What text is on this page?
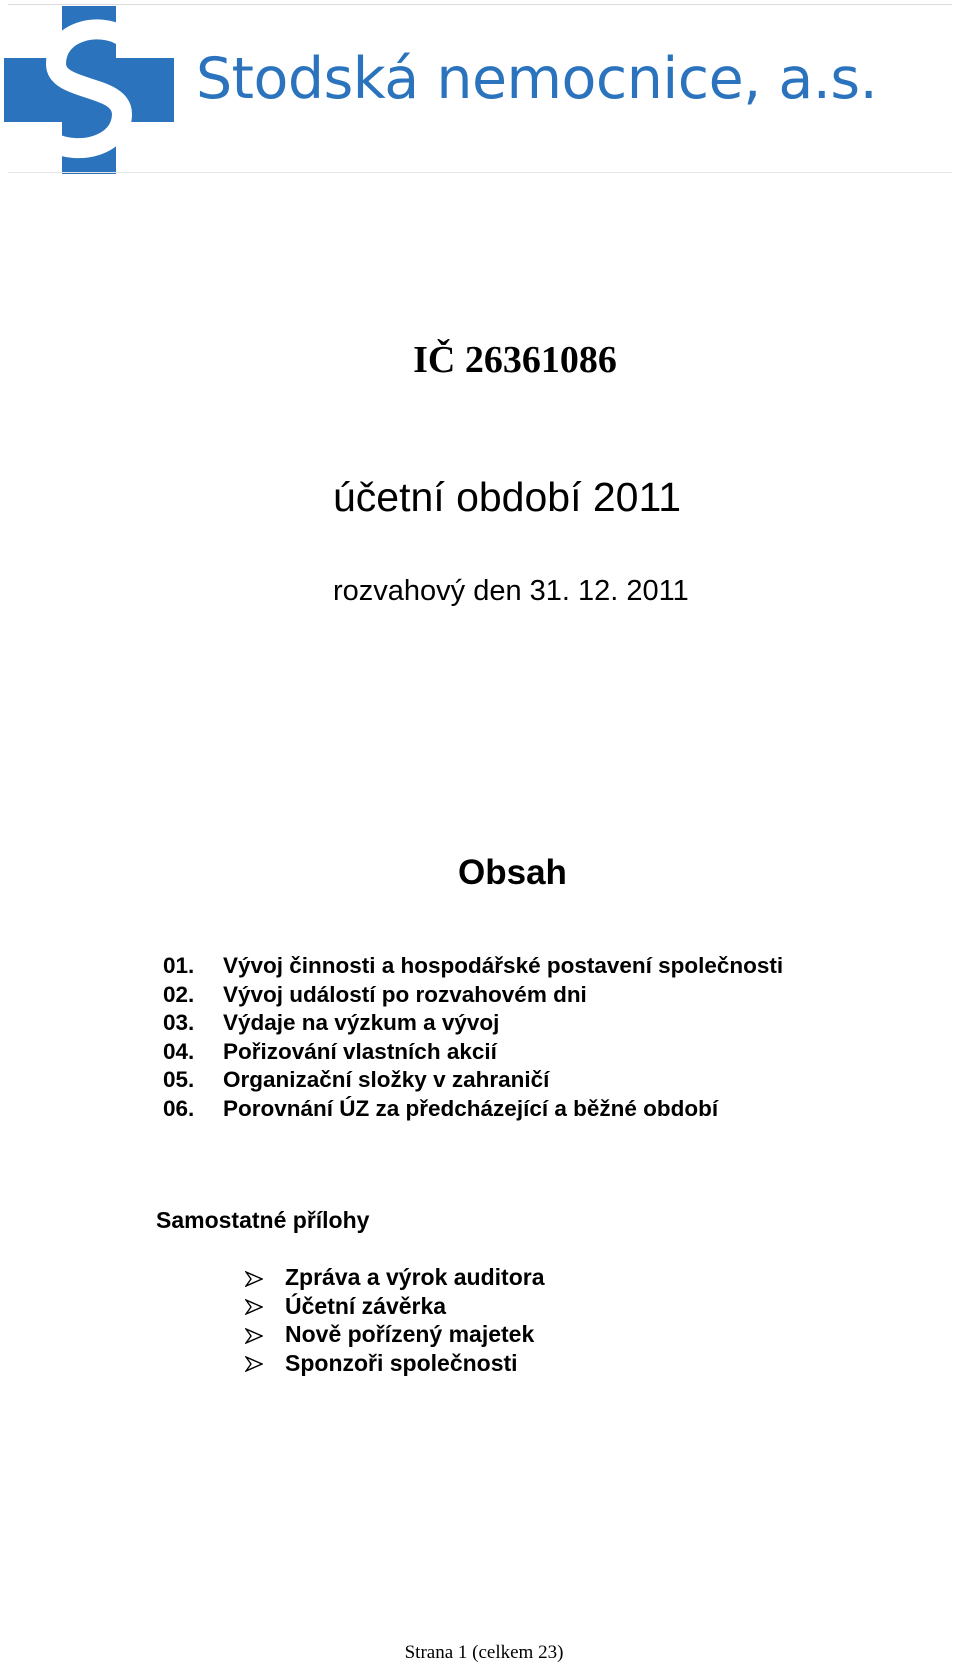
Stodská nemocnice, a.s.
IČ 26361086
účetní období 2011
rozvahový den 31. 12. 2011
Obsah
01. Vývoj činnosti a hospodářské postavení společnosti
02. Vývoj událostí po rozvahovém dni
03. Výdaje na výzkum a vývoj
04. Pořizování vlastních akcií
05. Organizační složky v zahraničí
06. Porovnání ÚZ za předcházející a běžné období
Samostatné přílohy
Zpráva a výrok auditora
Účetní závěrka
Nově pořízený majetek
Sponzoři společnosti
Strana 1 (celkem 23)
